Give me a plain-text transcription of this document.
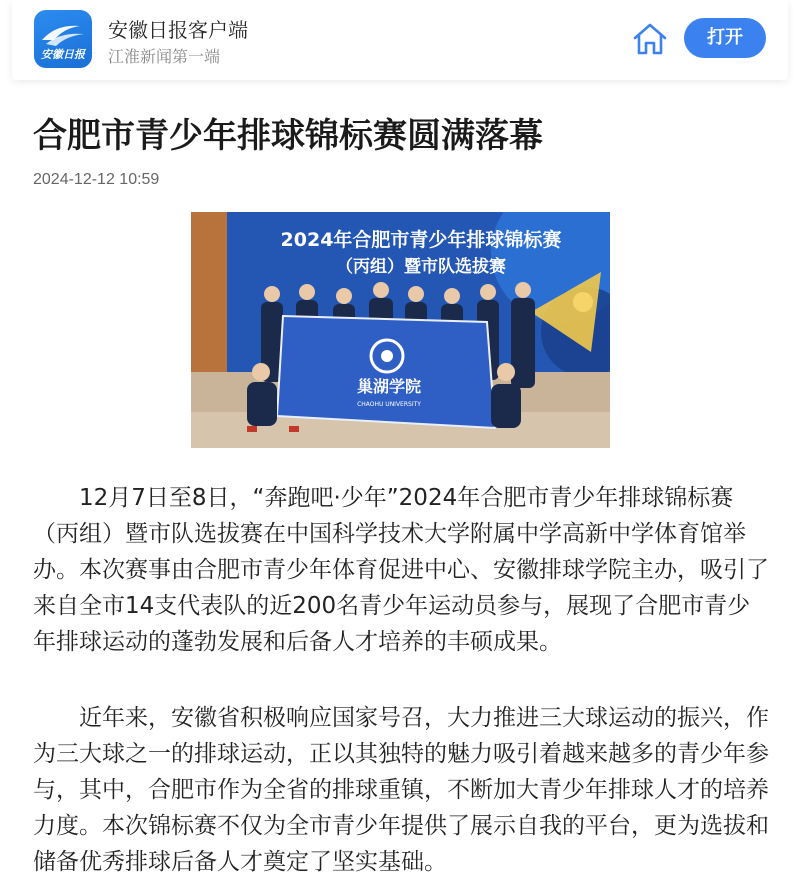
安徽日报
安徽日报客户端
江淮新闻第一端
打开
合肥市青少年排球锦标赛圆满落幕
2024-12-12 10:59
2024年合肥市青少年排球锦标赛
（丙组）暨市队选拔赛
巢湖学院
CHAOHU UNIVERSITY

12月7日至8日，“奔跑吧·少年”2024年合肥市青少年排球锦标赛（丙组）暨市队选拔赛在中国科学技术大学附属中学高新中学体育馆举办。本次赛事由合肥市青少年体育促进中心、安徽排球学院主办，吸引了来自全市14支代表队的近200名青少年运动员参与，展现了合肥市青少年排球运动的蓬勃发展和后备人才培养的丰硕成果。

近年来，安徽省积极响应国家号召，大力推进三大球运动的振兴，作为三大球之一的排球运动，正以其独特的魅力吸引着越来越多的青少年参与，其中，合肥市作为全省的排球重镇，不断加大青少年排球人才的培养力度。本次锦标赛不仅为全市青少年提供了展示自我的平台，更为选拔和储备优秀排球后备人才奠定了坚实基础。
